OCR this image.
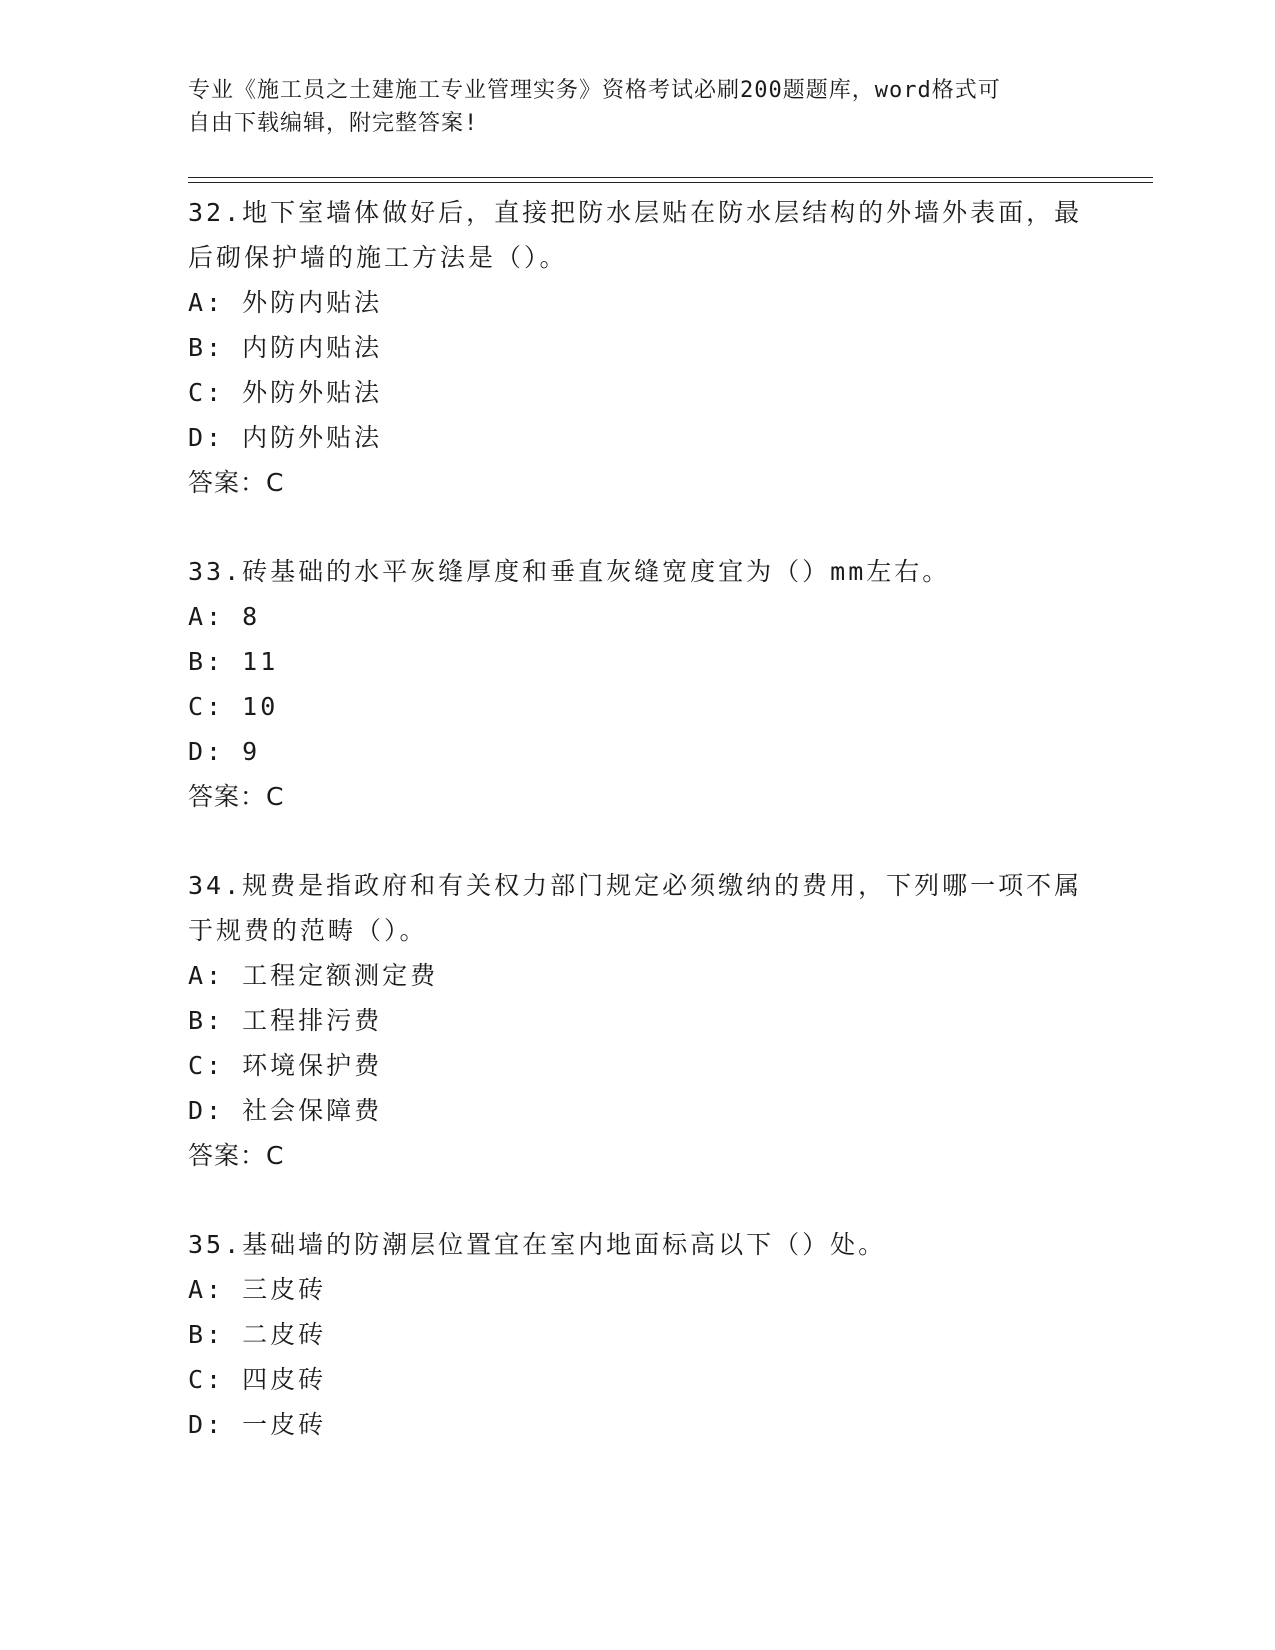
专业《施工员之土建施工专业管理实务》资格考试必刷200题题库，word格式可
自由下载编辑，附完整答案!
32.地下室墙体做好后，直接把防水层贴在防水层结构的外墙外表面，最后砌保护墙的施工方法是（）。
A: 外防内贴法
B: 内防内贴法
C: 外防外贴法
D: 内防外贴法
答案：C
33.砖基础的水平灰缝厚度和垂直灰缝宽度宜为（）mm左右。
A: 8
B: 11
C: 10
D: 9
答案：C
34.规费是指政府和有关权力部门规定必须缴纳的费用，下列哪一项不属于规费的范畴（）。
A: 工程定额测定费
B: 工程排污费
C: 环境保护费
D: 社会保障费
答案：C
35.基础墙的防潮层位置宜在室内地面标高以下（）处。
A: 三皮砖
B: 二皮砖
C: 四皮砖
D: 一皮砖
